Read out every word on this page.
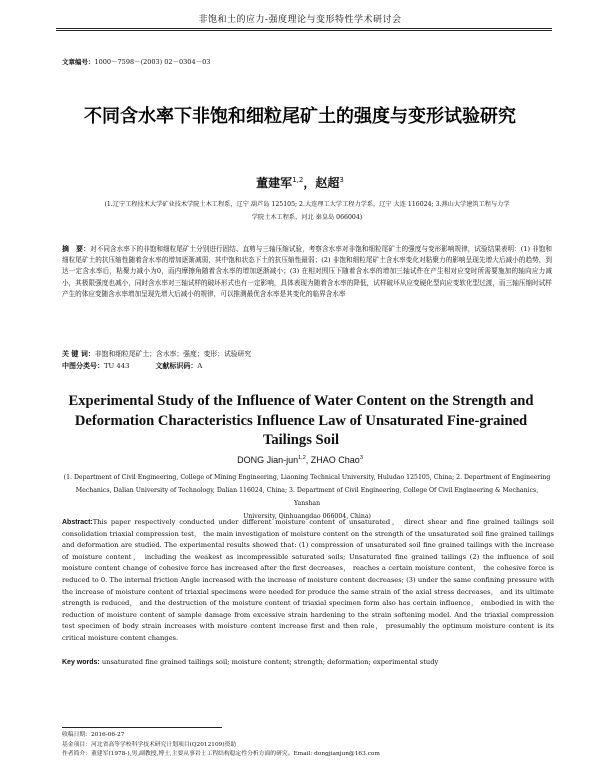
非饱和土的应力-强度理论与变形特性学术研讨会
文章编号：1000－7598－(2003) 02－0304－03
不同含水率下非饱和细粒尾矿土的强度与变形试验研究
董建军$^{1,2}$，赵超$^3$
(1.辽宁工程技术大学矿业技术学院土木工程系，辽宁 葫芦岛 125105; 2.大连理工大学工程力学系，辽宁 大连 116024; 3.燕山大学建筑工程与力学
学院土木工程系，河北 秦皇岛 066004)
摘　要：对不同含水率下的非饱和细粒尾矿土分别进行固结、直剪与三轴压缩试验，考察含水率对非饱和细粒尾矿土的强度与变形影响规律，试验结果表明：(1) 非饱和细粒尾矿土的抗压缩性随着含水率的增加逐渐减弱，其中饱和状态下土的抗压缩性最弱；(2) 非饱和细粒尾矿土含水率变化对粘聚力的影响呈现先增大后减小的趋势，到达一定含水率后，粘聚力减小为0，而内摩擦角随着含水率的增加逐渐减小；(3) 在相对围压下随着含水率的增加三轴试件在产生相对应变时所需要施加的轴向应力减小，其极限强度也减小，同时含水率对三轴试样的破坏形式也有一定影响，具体表现为随着含水率的降低，试样破坏从应变硬化型向应变软化型过渡，而三轴压缩时试样产生的体应变随含水率增加呈现先增大后减小的规律，可以推测最优含水率是其变化的临界含水率
关 键 词：非饱和细粒尾矿土；含水率；强度；变形；试验研究
中图分类号：TU 443	文献标识码：A
Experimental Study of the Influence of Water Content on the Strength and Deformation Characteristics Influence Law of Unsaturated Fine-grained Tailings Soil
DONG Jian-jun$^{1,2}$, ZHAO Chao$^3$
(1. Department of Civil Engineering, College of Mining Engineering, Liaoning Technical University, Huludao 125105, China; 2. Department of Engineering
Mechanics, Dalian University of Technology, Dalian 116024, China; 3. Department of Civil Engineering, College Of Civil Engineering & Mechanics, Yanshan
University, Qinhuangdao 066004, China)
Abstract:This paper respectively conducted under different moisture content of unsaturated， direct shear and fine grained tailings soil consolidation triaxial compression test， the main investigation of moisture content on the strength of the unsaturated soil fine grained tailings and deformation are studied. The experimental results showed that: (1) compression of unsaturated soil fine grained tailings with the increase of moisture content， including the weakest as incompressible saturated soils; Unsaturated fine grained tailings (2) the influence of soil moisture content change of cohesive force has increased after the first decreases， reaches a certain moisture content， the cohesive force is reduced to 0. The internal friction Angle increased with the increase of moisture content decreases; (3) under the same confining pressure with the increase of moisture content of triaxial specimens were needed for produce the same strain of the axial stress decreases， and its ultimate strength is reduced， and the destruction of the moisture content of triaxial specimen form also has certain influence， embodied in with the reduction of moisture content of sample damage from excessive strain hardening to the strain softening model. And the triaxial compression test specimen of body strain increases with moisture content increase first and then rale， presumably the optimum moisture content is its critical moisture content changes.
Key words: unsaturated fine grained tailings soil; moisture content; strength; deformation; experimental study
收稿日期：2016-06-27
基金项目：河北省高等学校科学技术研究计划项目(Q2012109)资助
作者简介：董建军(1978-),男,副教授,博士,主要从事岩土工程结构稳定性分析方面的研究。Email: dongjianjun@163.com
